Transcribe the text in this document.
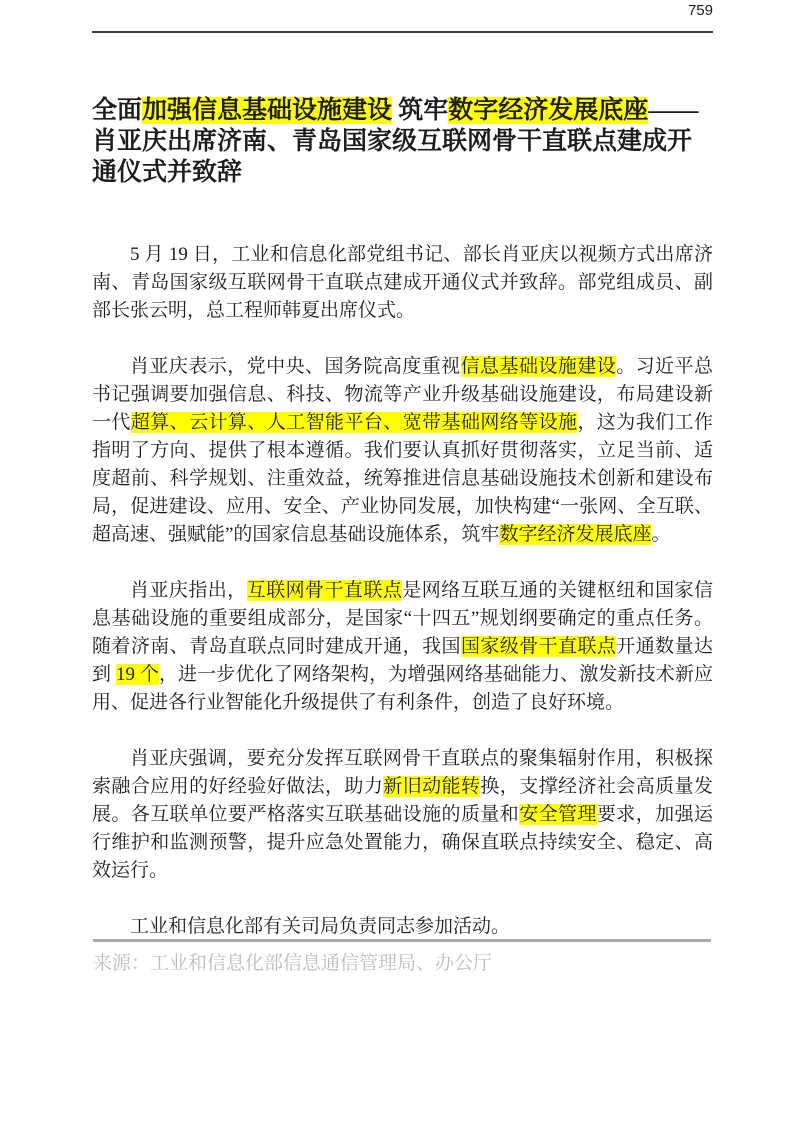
759
全面加强信息基础设施建设 筑牢数字经济发展底座——肖亚庆出席济南、青岛国家级互联网骨干直联点建成开通仪式并致辞

5 月 19 日，工业和信息化部党组书记、部长肖亚庆以视频方式出席济南、青岛国家级互联网骨干直联点建成开通仪式并致辞。部党组成员、副部长张云明，总工程师韩夏出席仪式。

肖亚庆表示，党中央、国务院高度重视信息基础设施建设。习近平总书记强调要加强信息、科技、物流等产业升级基础设施建设，布局建设新一代超算、云计算、人工智能平台、宽带基础网络等设施，这为我们工作指明了方向、提供了根本遵循。我们要认真抓好贯彻落实，立足当前、适度超前、科学规划、注重效益，统筹推进信息基础设施技术创新和建设布局，促进建设、应用、安全、产业协同发展，加快构建“一张网、全互联、超高速、强赋能”的国家信息基础设施体系，筑牢数字经济发展底座。

肖亚庆指出，互联网骨干直联点是网络互联互通的关键枢纽和国家信息基础设施的重要组成部分，是国家“十四五”规划纲要确定的重点任务。随着济南、青岛直联点同时建成开通，我国国家级骨干直联点开通数量达到 19 个，进一步优化了网络架构，为增强网络基础能力、激发新技术新应用、促进各行业智能化升级提供了有利条件，创造了良好环境。

肖亚庆强调，要充分发挥互联网骨干直联点的聚集辐射作用，积极探索融合应用的好经验好做法，助力新旧动能转换，支撑经济社会高质量发展。各互联单位要严格落实互联基础设施的质量和安全管理要求，加强运行维护和监测预警，提升应急处置能力，确保直联点持续安全、稳定、高效运行。

工业和信息化部有关司局负责同志参加活动。

来源：工业和信息化部信息通信管理局、办公厅
